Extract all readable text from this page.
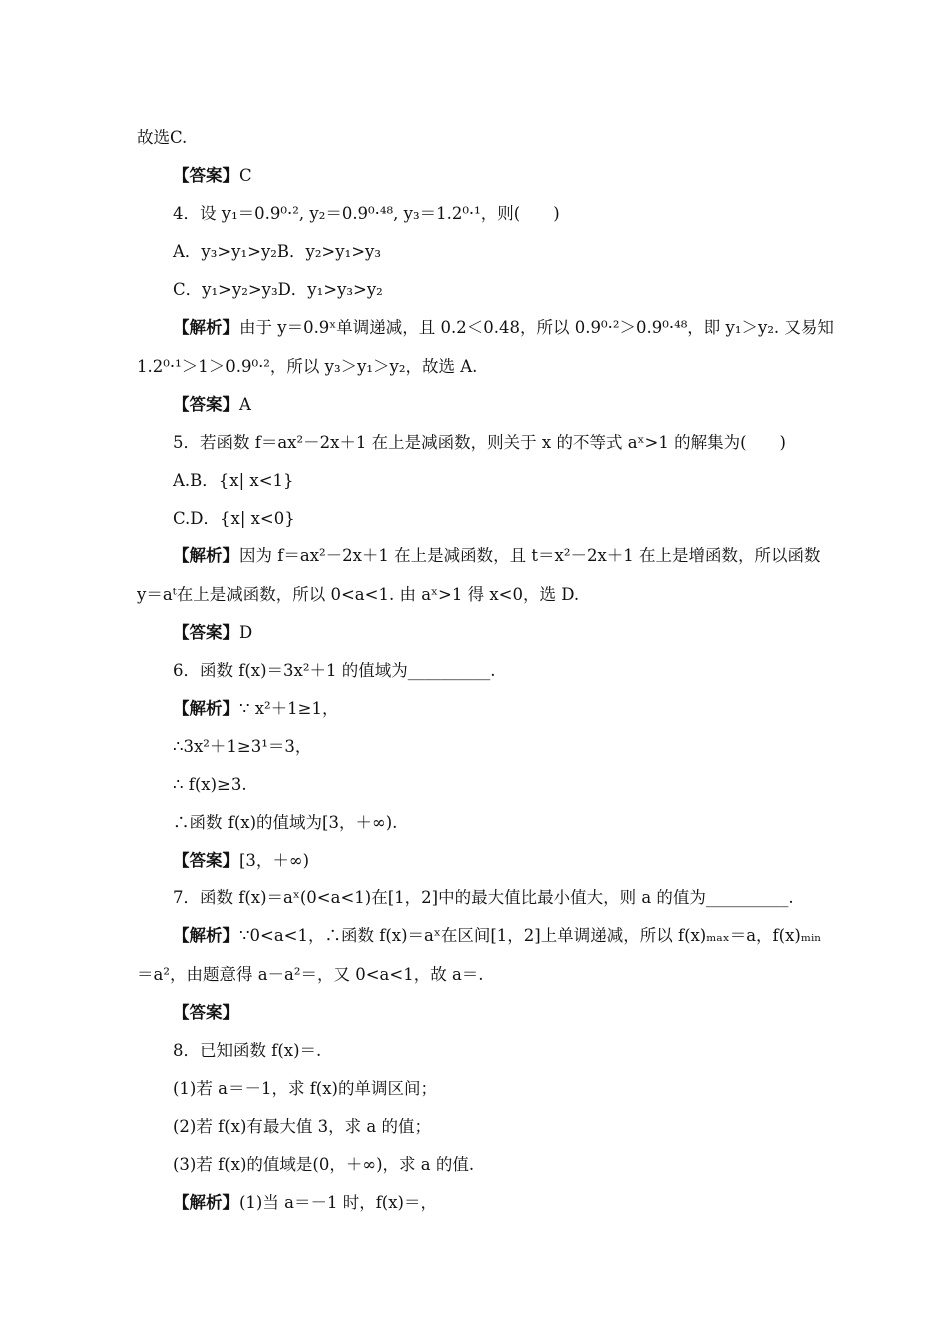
故选C.
【答案】C
4．设 y₁＝0.9⁰·², y₂＝0.9⁰·⁴⁸, y₃＝1.2⁰·¹，则(　　)
A．y₃>y₁>y₂B．y₂>y₁>y₃
C．y₁>y₂>y₃D．y₁>y₃>y₂
【解析】由于 y＝0.9ˣ单调递减，且 0.2＜0.48，所以 0.9⁰·²＞0.9⁰·⁴⁸，即 y₁＞y₂. 又易知
1.2⁰·¹＞1＞0.9⁰·²，所以 y₃＞y₁＞y₂，故选 A.
【答案】A
5．若函数 f＝ax²－2x＋1 在上是减函数，则关于 x 的不等式 aˣ>1 的解集为(　　)
A.B．{x| x<1}
C.D．{x| x<0}
【解析】因为 f＝ax²－2x＋1 在上是减函数，且 t＝x²－2x＋1 在上是增函数，所以函数
y＝aᵗ在上是减函数，所以 0<a<1. 由 aˣ>1 得 x<0，选 D.
【答案】D
6．函数 f(x)＝3x²＋1 的值域为__________.
【解析】∵ x²＋1≥1，
∴3x²＋1≥3¹＝3，
∴ f(x)≥3.
∴函数 f(x)的值域为[3，＋∞).
【答案】[3，＋∞)
7．函数 f(x)＝aˣ(0<a<1)在[1，2]中的最大值比最小值大，则 a 的值为__________.
【解析】∵0<a<1，∴函数 f(x)＝aˣ在区间[1，2]上单调递减，所以 f(x)ₘₐₓ＝a，f(x)ₘᵢₙ
＝a²，由题意得 a－a²＝，又 0<a<1，故 a＝.
【答案】
8．已知函数 f(x)＝.
(1)若 a＝－1，求 f(x)的单调区间；
(2)若 f(x)有最大值 3，求 a 的值；
(3)若 f(x)的值域是(0，＋∞)，求 a 的值.
【解析】(1)当 a＝－1 时，f(x)＝，
